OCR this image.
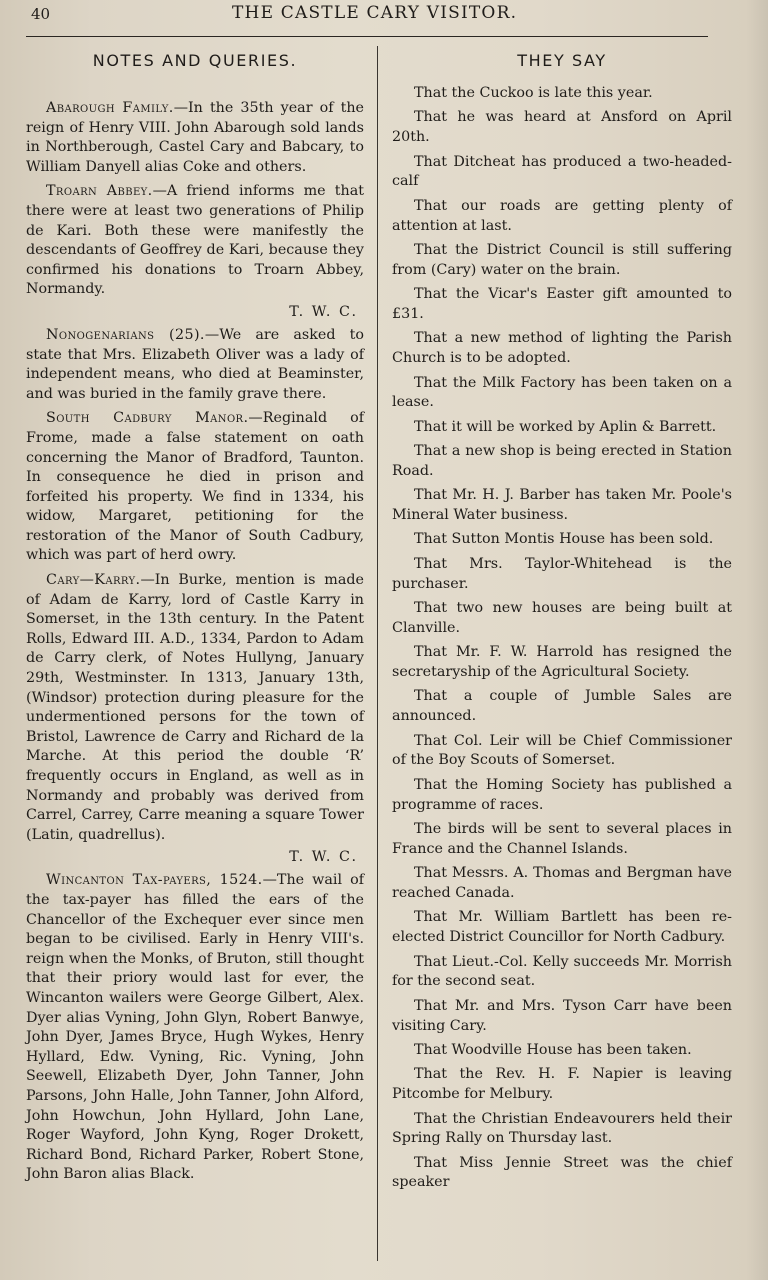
40	THE CASTLE CARY VISITOR.
NOTES AND QUERIES.

Abarough Family.—In the 35th year of the reign of Henry VIII. John Abarough sold lands in Northberough, Castel Cary and Babcary, to William Danyell alias Coke and others.

Troarn Abbey.—A friend informs me that there were at least two generations of Philip de Kari. Both these were manifestly the descendants of Geoffrey de Kari, because they confirmed his donations to Troarn Abbey, Normandy.

T. W. C.

Nonogenarians (25).—We are asked to state that Mrs. Elizabeth Oliver was a lady of independent means, who died at Beaminster, and was buried in the family grave there.

South Cadbury Manor.—Reginald of Frome, made a false statement on oath concerning the Manor of Bradford, Taunton. In consequence he died in prison and forfeited his property. We find in 1334, his widow, Margaret, petitioning for the restoration of the Manor of South Cadbury, which was part of herd owry.

Cary—Karry.—In Burke, mention is made of Adam de Karry, lord of Castle Karry in Somerset, in the 13th century. In the Patent Rolls, Edward III. A.D., 1334, Pardon to Adam de Carry clerk, of Notes Hullyng, January 29th, Westminster. In 1313, January 13th,(Windsor) protection during pleasure for the undermentioned persons for the town of Bristol, Lawrence de Carry and Richard de la Marche. At this period the double ‘R’ frequently occurs in England, as well as in Normandy and probably was derived from Carrel, Carrey, Carre meaning a square Tower (Latin, quadrellus).

T. W. C.

Wincanton Tax-payers, 1524.—The wail of the tax-payer has filled the ears of the Chancellor of the Exchequer ever since men began to be civilised. Early in Henry VIII's. reign when the Monks, of Bruton, still thought that their priory would last for ever, the Wincanton wailers were George Gilbert, Alex. Dyer alias Vyning, John Glyn, Robert Banwye, John Dyer, James Bryce, Hugh Wykes, Henry Hyllard, Edw. Vyning, Ric. Vyning, John Seewell, Elizabeth Dyer, John Tanner, John Parsons, John Halle, John Tanner, John Alford, John Howchun, John Hyllard, John Lane, Roger Wayford, John Kyng, Roger Drokett, Richard Bond, Richard Parker, Robert Stone, John Baron alias Black.

THEY SAY

That the Cuckoo is late this year.

That he was heard at Ansford on April 20th.

That Ditcheat has produced a two-headed-calf

That our roads are getting plenty of attention at last.

That the District Council is still suffering from (Cary) water on the brain.

That the Vicar's Easter gift amounted to £31.

That a new method of lighting the Parish Church is to be adopted.

That the Milk Factory has been taken on a lease.

That it will be worked by Aplin & Barrett.

That a new shop is being erected in Station Road.

That Mr. H. J. Barber has taken Mr. Poole's Mineral Water business.

That Sutton Montis House has been sold.

That Mrs. Taylor-Whitehead is the purchaser.

That two new houses are being built at Clanville.

That Mr. F. W. Harrold has resigned the secretaryship of the Agricultural Society.

That a couple of Jumble Sales are announced.

That Col. Leir will be Chief Commissioner of the Boy Scouts of Somerset.

That the Homing Society has published a programme of races.

The birds will be sent to several places in France and the Channel Islands.

That Messrs. A. Thomas and Bergman have reached Canada.

That Mr. William Bartlett has been re-elected District Councillor for North Cadbury.

That Lieut.-Col. Kelly succeeds Mr. Morrish for the second seat.

That Mr. and Mrs. Tyson Carr have been visiting Cary.

That Woodville House has been taken.

That the Rev. H. F. Napier is leaving Pitcombe for Melbury.

That the Christian Endeavourers held their Spring Rally on Thursday last.

That Miss Jennie Street was the chief speaker
